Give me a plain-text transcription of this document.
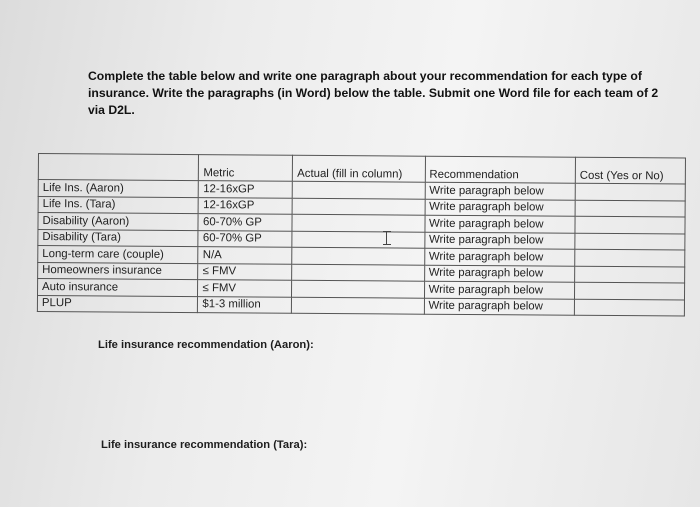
Complete the table below and write one paragraph about your recommendation for each type of

insurance. Write the paragraphs (in Word) below the table. Submit one Word file for each team of 2

via D2L.

	Metric	Actual (fill in column)	Recommendation	Cost (Yes or No)
Life Ins. (Aaron)	12-16xGP		Write paragraph below	
Life Ins. (Tara)	12-16xGP		Write paragraph below	
Disability (Aaron)	60-70% GP		Write paragraph below	
Disability (Tara)	60-70% GP		Write paragraph below	
Long-term care (couple)	N/A		Write paragraph below	
Homeowners insurance	≤ FMV		Write paragraph below	
Auto insurance	≤ FMV		Write paragraph below	
PLUP	$1-3 million		Write paragraph below	
Life insurance recommendation (Aaron):
Life insurance recommendation (Tara):
